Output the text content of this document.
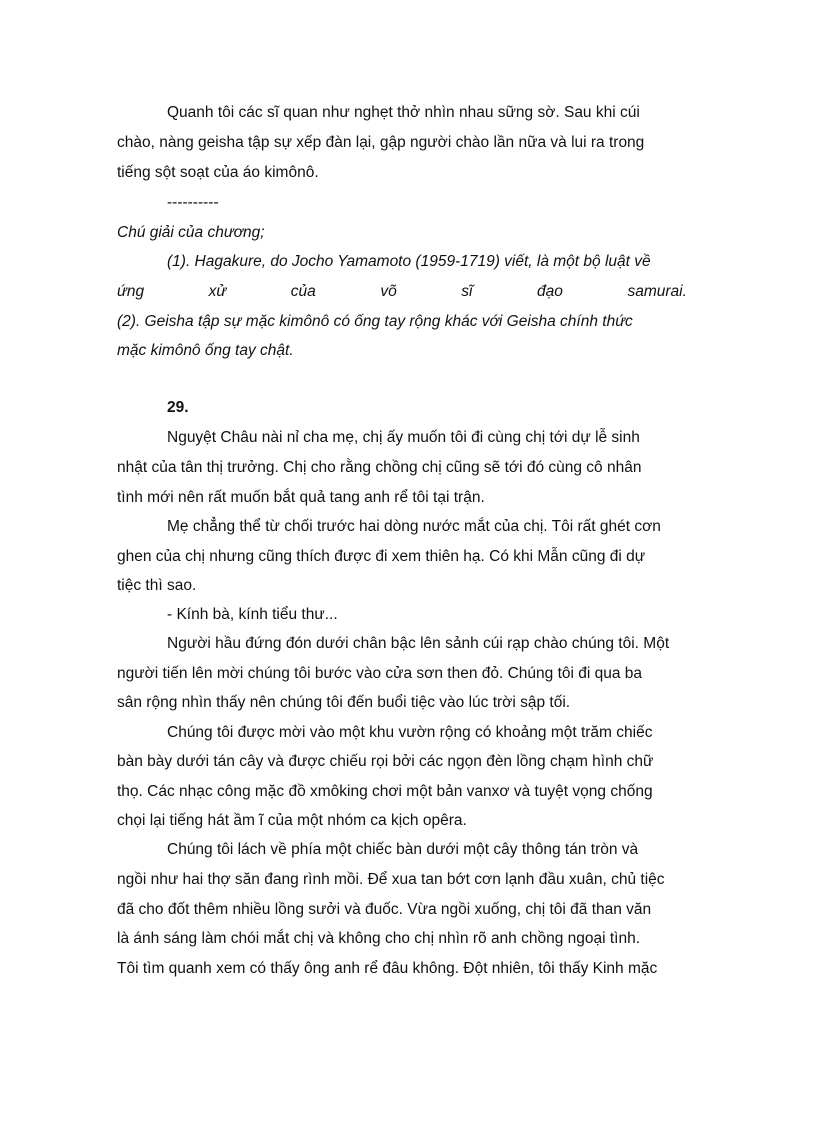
Quanh tôi các sĩ quan như nghẹt thở nhìn nhau sững sờ. Sau khi cúi
chào, nàng geisha tập sự xếp đàn lại, gập người chào lần nữa và lui ra trong
tiếng sột soạt của áo kimônô.
----------
Chú giải của chương;
(1). Hagakure, do Jocho Yamamoto (1959-1719) viết, là một bộ luật về
ứng	xử	của	võ	sĩ	đạo	samurai.
(2). Geisha tập sự mặc kimônô có ống tay rộng khác với Geisha chính thức
mặc kimônô ống tay chật.
29.
Nguyệt Châu nài nỉ cha mẹ, chị ấy muốn tôi đi cùng chị tới dự lễ sinh
nhật của tân thị trưởng. Chị cho rằng chồng chị cũng sẽ tới đó cùng cô nhân
tình mới nên rất muốn bắt quả tang anh rể tôi tại trận.
Mẹ chẳng thể từ chối trước hai dòng nước mắt của chị. Tôi rất ghét cơn
ghen của chị nhưng cũng thích được đi xem thiên hạ. Có khi Mẫn cũng đi dự
tiệc thì sao.
- Kính bà, kính tiểu thư...
Người hầu đứng đón dưới chân bậc lên sảnh cúi rạp chào chúng tôi. Một
người tiến lên mời chúng tôi bước vào cửa sơn then đỏ. Chúng tôi đi qua ba
sân rộng nhìn thấy nên chúng tôi đến buổi tiệc vào lúc trời sập tối.
Chúng tôi được mời vào một khu vườn rộng có khoảng một trăm chiếc
bàn bày dưới tán cây và được chiếu rọi bởi các ngọn đèn lồng chạm hình chữ
thọ. Các nhạc công mặc đồ xmôking chơi một bản vanxơ và tuyệt vọng chống
chọi lại tiếng hát ầm ĩ của một nhóm ca kịch opêra.
Chúng tôi lách về phía một chiếc bàn dưới một cây thông tán tròn và
ngồi như hai thợ săn đang rình mồi. Để xua tan bớt cơn lạnh đầu xuân, chủ tiệc
đã cho đốt thêm nhiều lồng sưởi và đuốc. Vừa ngồi xuống, chị tôi đã than văn
là ánh sáng làm chói mắt chị và không cho chị nhìn rõ anh chồng ngoại tình.
Tôi tìm quanh xem có thấy ông anh rể đâu không. Đột nhiên, tôi thấy Kinh mặc
